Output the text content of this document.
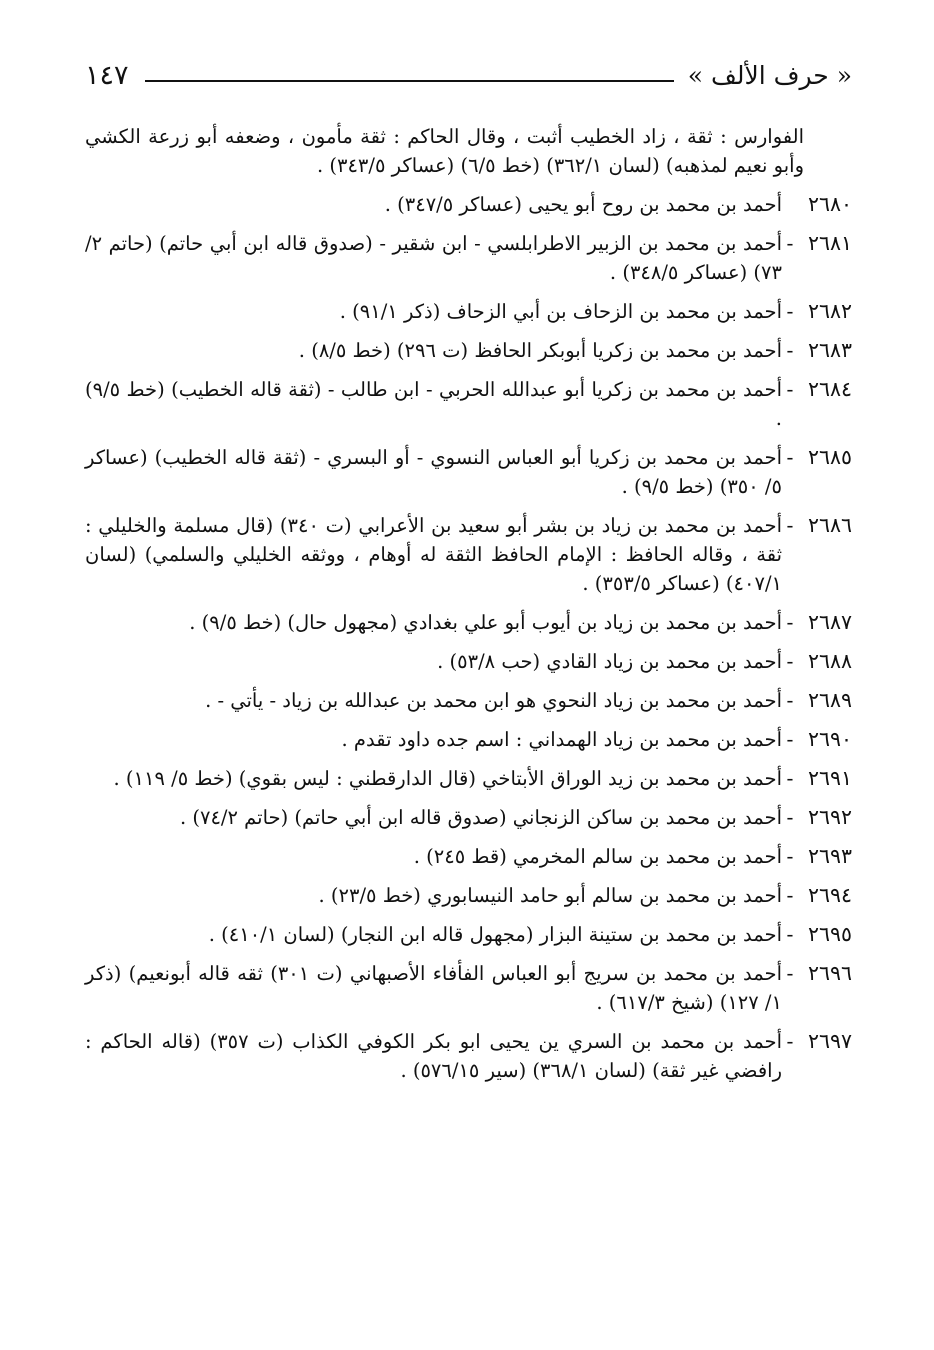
١٤٧	« حرف الألف »

الفوارس : ثقة ، زاد الخطيب أثبت ، وقال الحاكم : ثقة مأمون ، وضعفه أبو زرعة الكشي وأبو نعيم لمذهبه) (لسان ٣٦٢/١) (خط ٦/٥) (عساكر ٣٤٣/٥) .

٢٦٨٠
أحمد بن محمد بن روح أبو يحيى (عساكر ٣٤٧/٥) .
٢٦٨١
-
أحمد بن محمد بن الزبير الاطرابلسي - ابن شقير - (صدوق قاله ابن أبي حاتم) (حاتم ٢/ ٧٣) (عساكر ٣٤٨/٥) .
٢٦٨٢
-
أحمد بن محمد بن الزحاف بن أبي الزحاف (ذكر ٩١/١) .
٢٦٨٣
-
أحمد بن محمد بن زكريا أبوبكر الحافظ (ت ٢٩٦) (خط ٨/٥) .
٢٦٨٤
-
أحمد بن محمد بن زكريا أبو عبدالله الحربي - ابن طالب - (ثقة قاله الخطيب) (خط ٩/٥) .
٢٦٨٥
-
أحمد بن محمد بن زكريا أبو العباس النسوي - أو البسري - (ثقة قاله الخطيب) (عساكر ٥/ ٣٥٠) (خط ٩/٥) .
٢٦٨٦
-
أحمد بن محمد بن زياد بن بشر أبو سعيد بن الأعرابي (ت ٣٤٠) (قال مسلمة والخليلي : ثقة ، وقاله الحافظ : الإمام الحافظ الثقة له أوهام ، ووثقه الخليلي والسلمي) (لسان ٤٠٧/١) (عساكر ٣٥٣/٥) .
٢٦٨٧
-
أحمد بن محمد بن زياد بن أيوب أبو علي بغدادي (مجهول حال) (خط ٩/٥) .
٢٦٨٨
-
أحمد بن محمد بن زياد القادي (حب ٥٣/٨) .
٢٦٨٩
-
أحمد بن محمد بن زياد النحوي هو ابن محمد بن عبدالله بن زياد - يأتي - .
٢٦٩٠
-
أحمد بن محمد بن زياد الهمداني : اسم جده داود تقدم .
٢٦٩١
-
أحمد بن محمد بن زيد الوراق الأبتاخي (قال الدارقطني : ليس بقوي) (خط ٥/ ١١٩) .
٢٦٩٢
-
أحمد بن محمد بن ساكن الزنجاني (صدوق قاله ابن أبي حاتم) (حاتم ٧٤/٢) .
٢٦٩٣
-
أحمد بن محمد بن سالم المخرمي (قط ٢٤٥) .
٢٦٩٤
-
أحمد بن محمد بن سالم أبو حامد النيسابوري (خط ٢٣/٥) .
٢٦٩٥
-
أحمد بن محمد بن ستينة البزار (مجهول قاله ابن النجار) (لسان ٤١٠/١) .
٢٦٩٦
-
أحمد بن محمد بن سريج أبو العباس الفأفاء الأصبهاني (ت ٣٠١) ثقه قاله أبونعيم) (ذكر ١/ ١٢٧) (شيخ ٦١٧/٣) .
٢٦٩٧
-
أحمد بن محمد بن السري ين يحيى ابو بكر الكوفي الكذاب (ت ٣٥٧) (قاله الحاكم : رافضي غير ثقة) (لسان ٣٦٨/١) (سير ٥٧٦/١٥) .
